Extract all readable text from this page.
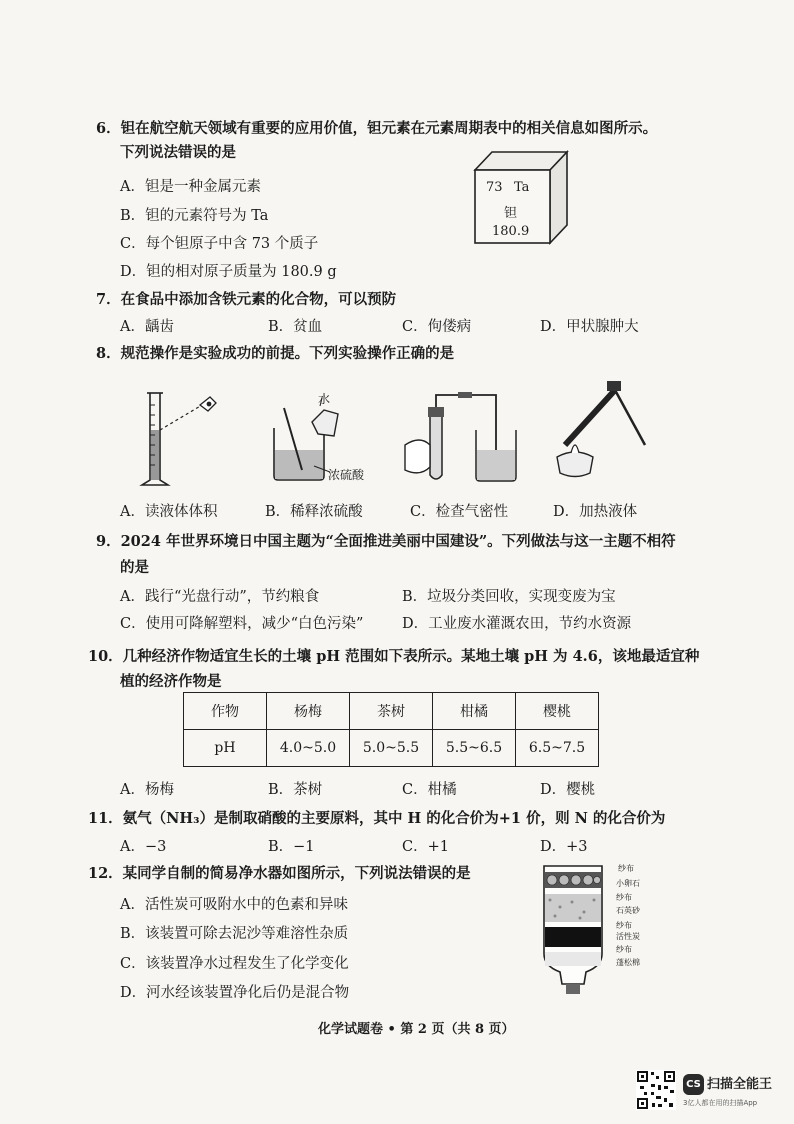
6．钽在航空航天领域有重要的应用价值，钽元素在元素周期表中的相关信息如图所示。
下列说法错误的是
A．钽是一种金属元素
B．钽的元素符号为 Ta
C．每个钽原子中含 73 个质子
D．钽的相对原子质量为 180.9 g
73 Ta
钽
180.9
7．在食品中添加含铁元素的化合物，可以预防
A．龋齿	B．贫血	C．佝偻病	D．甲状腺肿大
8．规范操作是实验成功的前提。下列实验操作正确的是
水
浓硫酸
A．读液体体积	B．稀释浓硫酸	C．检查气密性	D．加热液体
9．2024 年世界环境日中国主题为“全面推进美丽中国建设”。下列做法与这一主题不相符
的是
A．践行“光盘行动”，节约粮食	B．垃圾分类回收，实现变废为宝
C．使用可降解塑料，减少“白色污染”	D．工业废水灌溉农田，节约水资源
10．几种经济作物适宜生长的土壤 pH 范围如下表所示。某地土壤 pH 为 4.6，该地最适宜种
植的经济作物是
作物	杨梅	茶树	柑橘	樱桃
pH	4.0~5.0	5.0~5.5	5.5~6.5	6.5~7.5
A．杨梅	B．茶树	C．柑橘	D．樱桃
11．氨气（NH₃）是制取硝酸的主要原料，其中 H 的化合价为+1 价，则 N 的化合价为
A．−3	B．−1	C．+1	D．+3
12．某同学自制的简易净水器如图所示，下列说法错误的是
A．活性炭可吸附水中的色素和异味
B．该装置可除去泥沙等难溶性杂质
C．该装置净水过程发生了化学变化
D．河水经该装置净化后仍是混合物
纱布
小卵石
纱布
石英砂
纱布
活性炭
纱布
蓬松棉
化学试题卷 • 第 2 页（共 8 页）
CS 扫描全能王
3亿人都在用的扫描App
